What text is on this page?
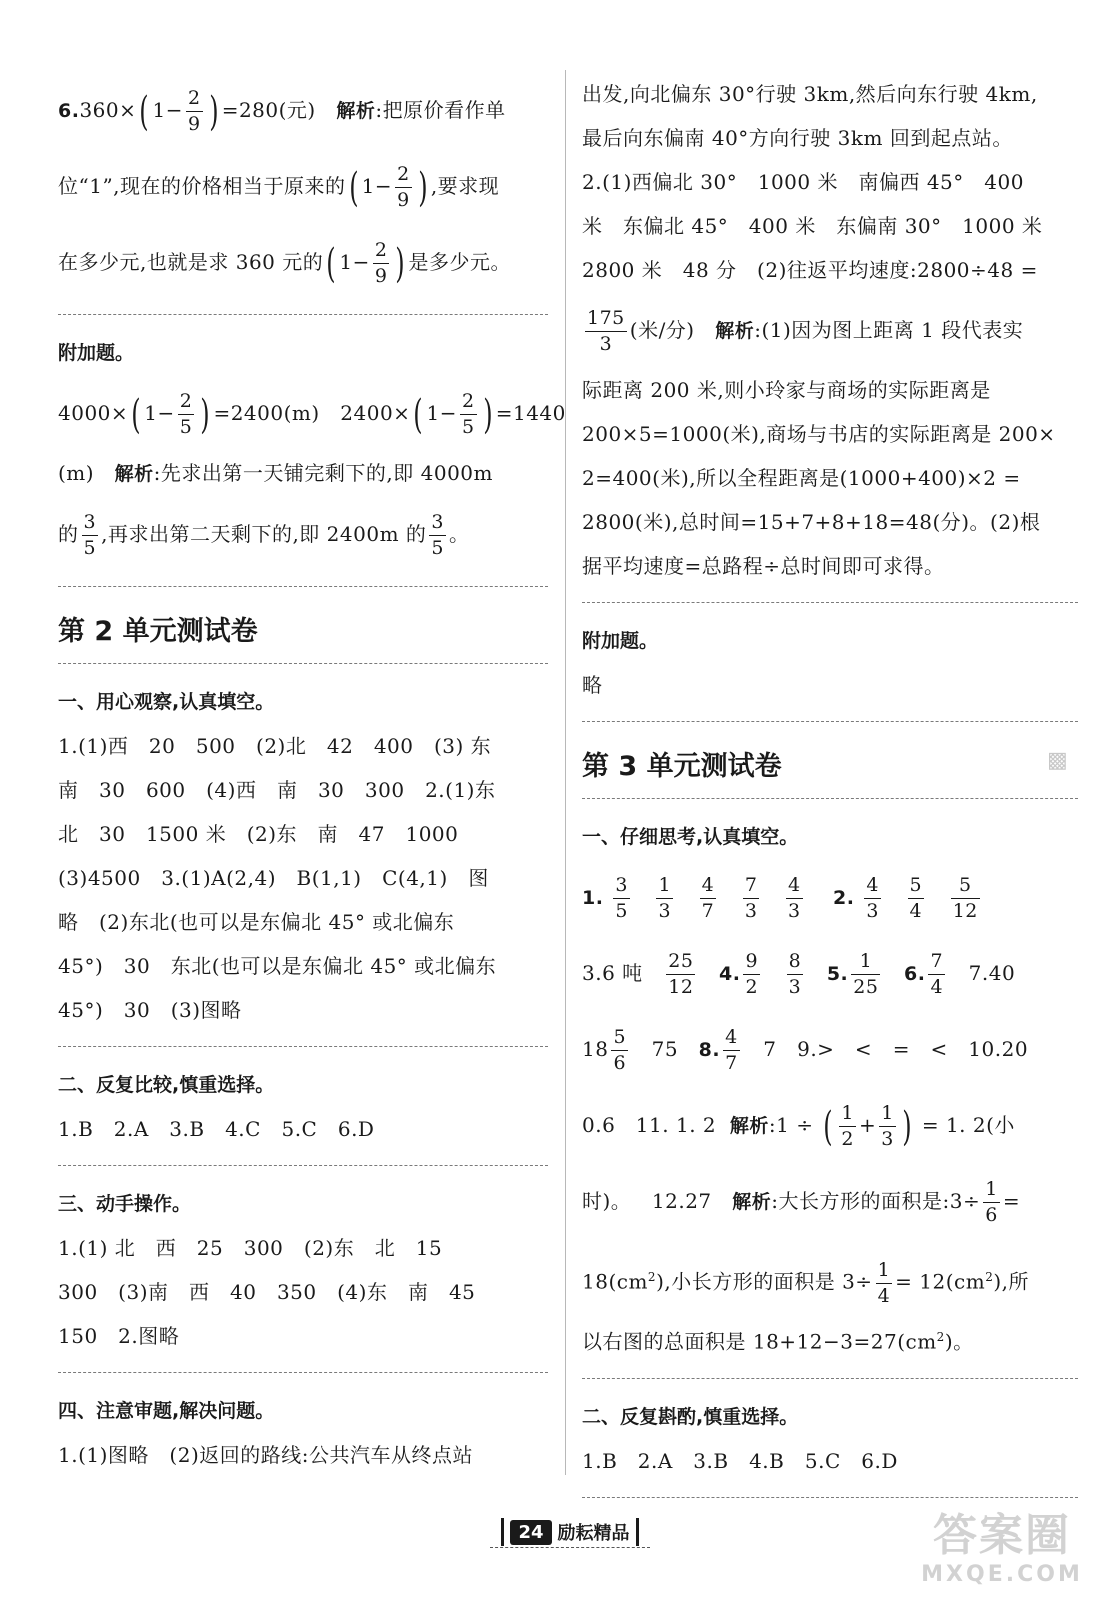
6.360×( $1- \frac{2}{9}$ ) =280(元) 解析:把原价看作单
位“1”,现在的价格相当于原来的( $1- \frac{2}{9}$ ) ,要求现
在多少元,也就是求 360 元的( $1- \frac{2}{9}$ ) 是多少元。
附加题。
4000×( $1- \frac{2}{5}$ ) =2400(m) 2400×( $1- \frac{2}{5}$ ) =1440
(m) 解析:先求出第一天铺完剩下的,即 4000m
的 $\frac{3}{5}$ ,再求出第二天剩下的,即 2400m 的 $\frac{3}{5}$ 。
第 2 单元测试卷
一、用心观察,认真填空。
1.(1)西　20　500　(2)北　42　400　(3) 东
南　30　600　(4)西　南　30　300　2.(1)东
北　30　1500 米　(2)东　南　47　1000
(3)4500　3.(1)A(2,4)　B(1,1)　C(4,1)　图
略　(2)东北(也可以是东偏北 45° 或北偏东
45°)　30　东北(也可以是东偏北 45° 或北偏东
45°)　30　(3)图略
二、反复比较,慎重选择。
1.B　2.A　3.B　4.C　5.C　6.D
三、动手操作。
1.(1) 北　西　25　300　(2)东　北　15
300　(3)南　西　40　350　(4)东　南　45
150　2.图略
四、注意审题,解决问题。
1.(1)图略　(2)返回的路线:公共汽车从终点站
出发,向北偏东 30°行驶 3km,然后向东行驶 4km,
最后向东偏南 40°方向行驶 3km 回到起点站。
2.(1)西偏北 30°　1000 米　南偏西 45°　400
米　东偏北 45°　400 米　东偏南 30°　1000 米
2800 米　48 分　(2)往返平均速度:2800÷48 =
$\frac{175}{3}$ (米/分) 解析:(1)因为图上距离 1 段代表实
际距离 200 米,则小玲家与商场的实际距离是
200×5=1000(米),商场与书店的实际距离是 200×
2=400(米),所以全程距离是(1000+400)×2 =
2800(米),总时间=15+7+8+18=48(分)。(2)根
据平均速度=总路程÷总时间即可求得。
附加题。
略
第 3 单元测试卷
一、仔细思考,认真填空。
1. $\frac{3}{5}$
$\frac{1}{3}$
$\frac{4}{7}$
$\frac{7}{3}$
$\frac{4}{3} 2$. $\frac{4}{3}$
$\frac{5}{4}$
$\frac{5}{12}$
3.6 吨 $\frac{25}{12} 4$. $\frac{9}{2}$
$\frac{8}{3} 5$. $\frac{1}{25} 6$. $\frac{7}{4} 7.40$
$18 \frac{5}{6} 75$ 8. $\frac{4}{7} 7$ 9.>　<　=　< 10.20
0.6　11. 1. 2 解析:1 ÷ ( $\frac{1}{2} + \frac{1}{3}$ ) = 1. 2(小
时)。 12.27 解析:大长方形的面积是:3÷ $\frac{1}{6}$ =
$18(cm^2)$,小长方形的面积是 $3\div \frac{1}{4} = 12(cm^2)$,所
以右图的总面积是 $18+12-3=27(cm^2)$。
二、反复斟酌,慎重选择。
1.B　2.A　3.B　4.B　5.C　6.D
▩
24 励耘精品	答案圈
MXQE.COM
